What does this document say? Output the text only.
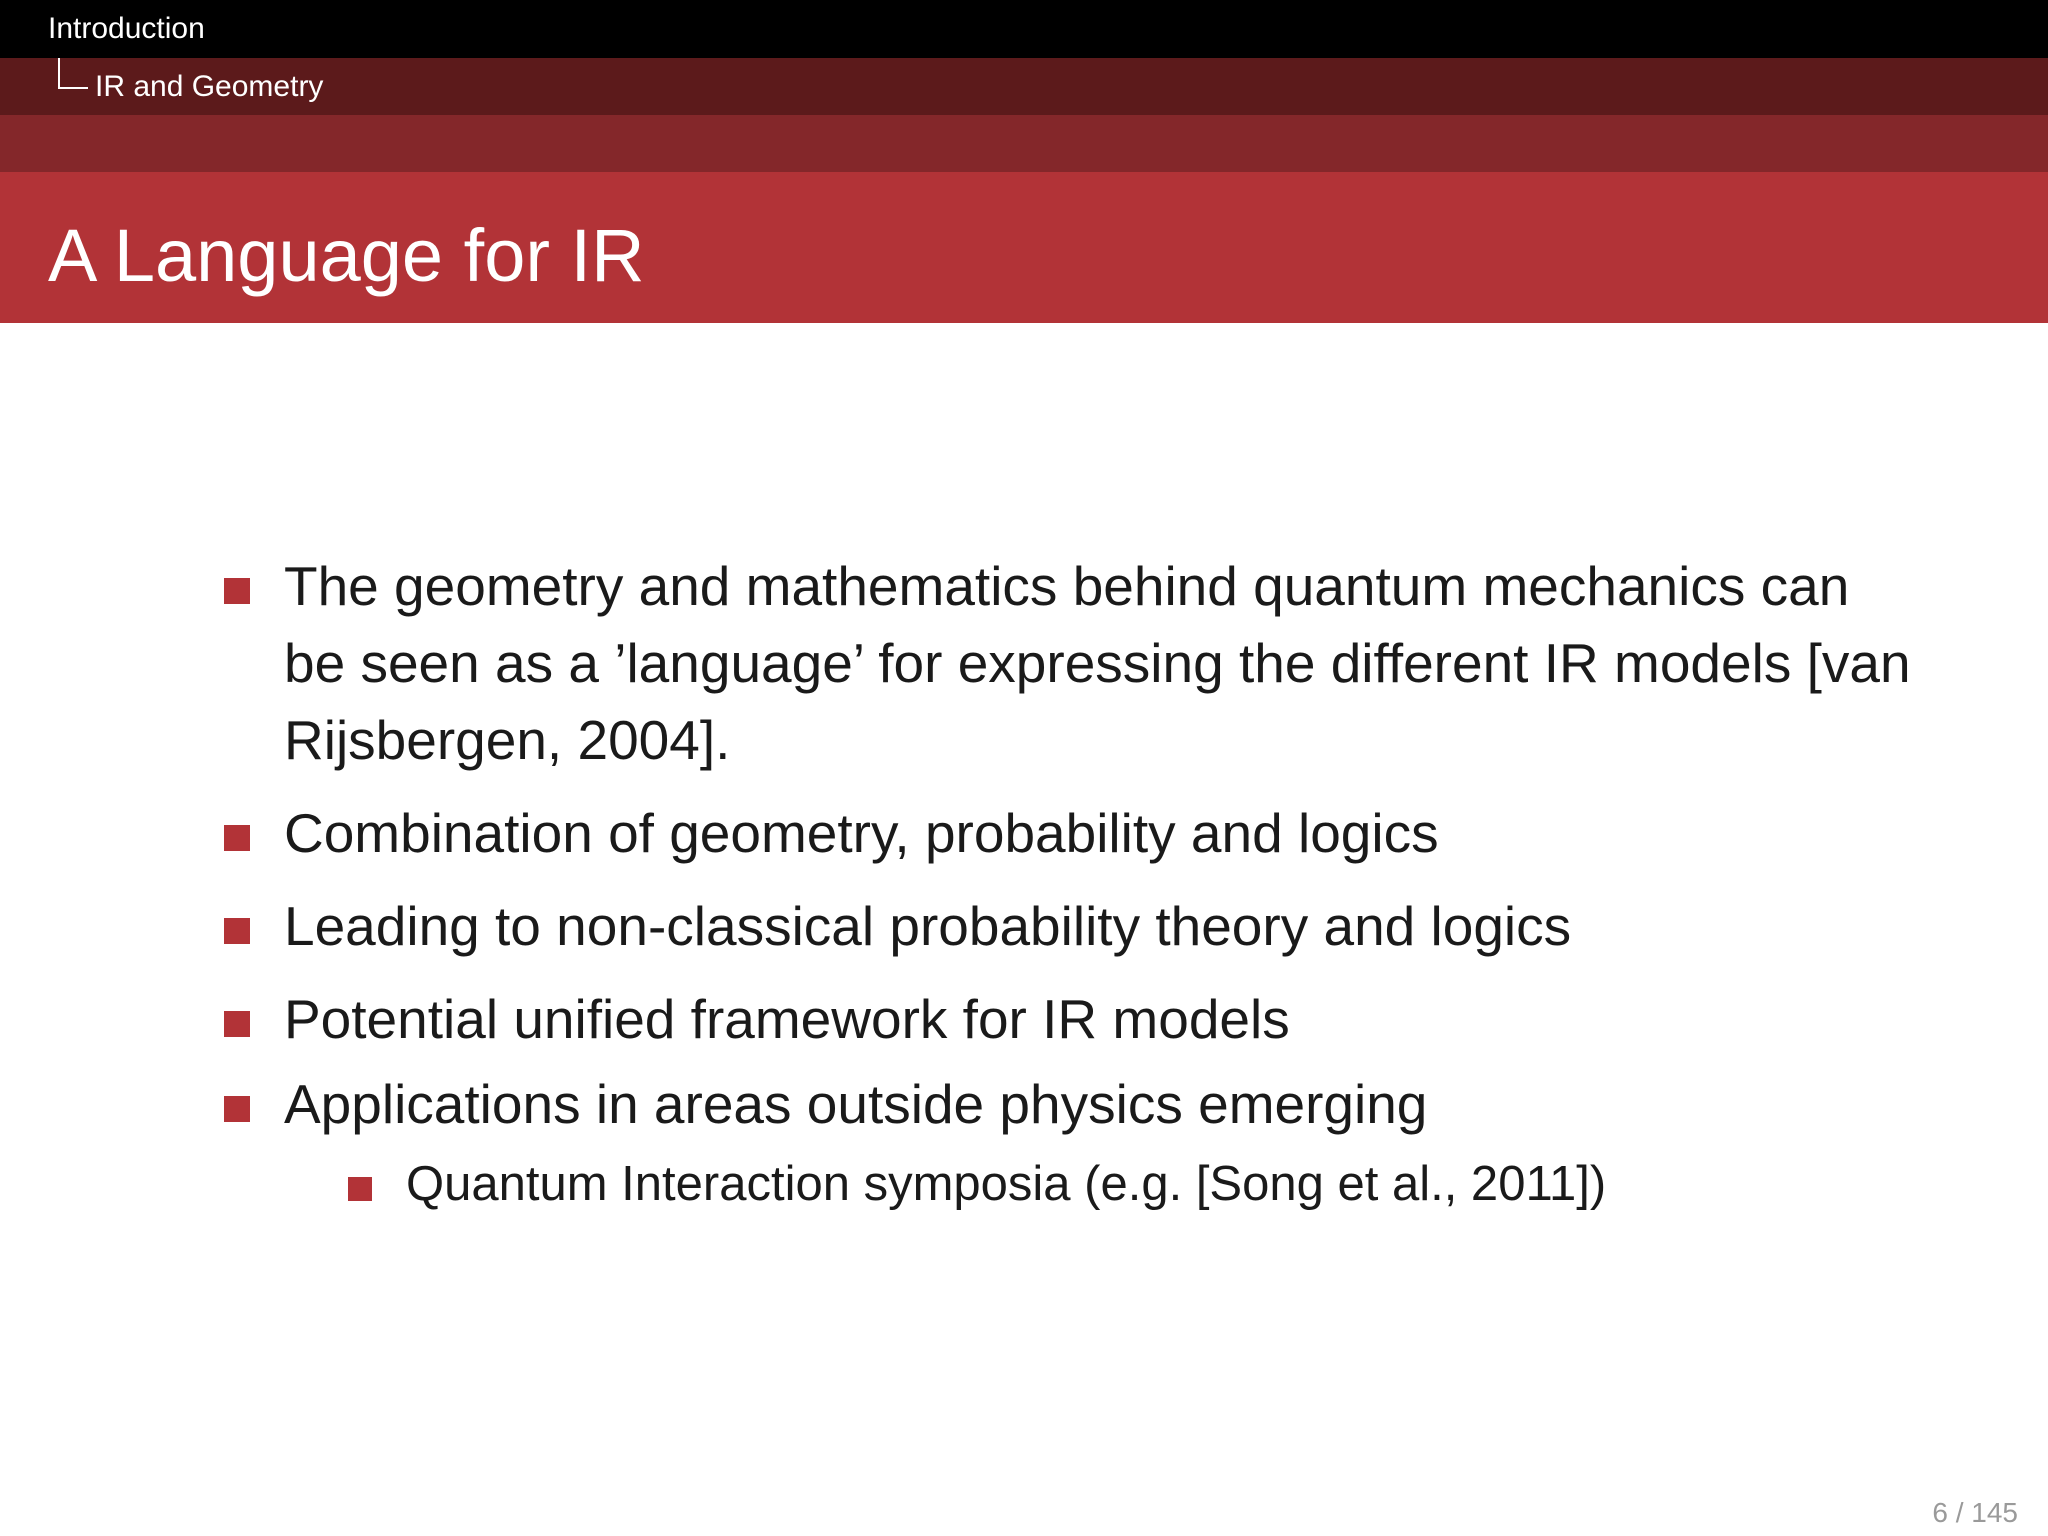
Introduction
IR and Geometry
A Language for IR
The geometry and mathematics behind quantum mechanics can be seen as a ’language’ for expressing the different IR models [van Rijsbergen, 2004].
Combination of geometry, probability and logics
Leading to non-classical probability theory and logics
Potential unified framework for IR models
Applications in areas outside physics emerging
Quantum Interaction symposia (e.g. [Song et al., 2011])
6 / 145
